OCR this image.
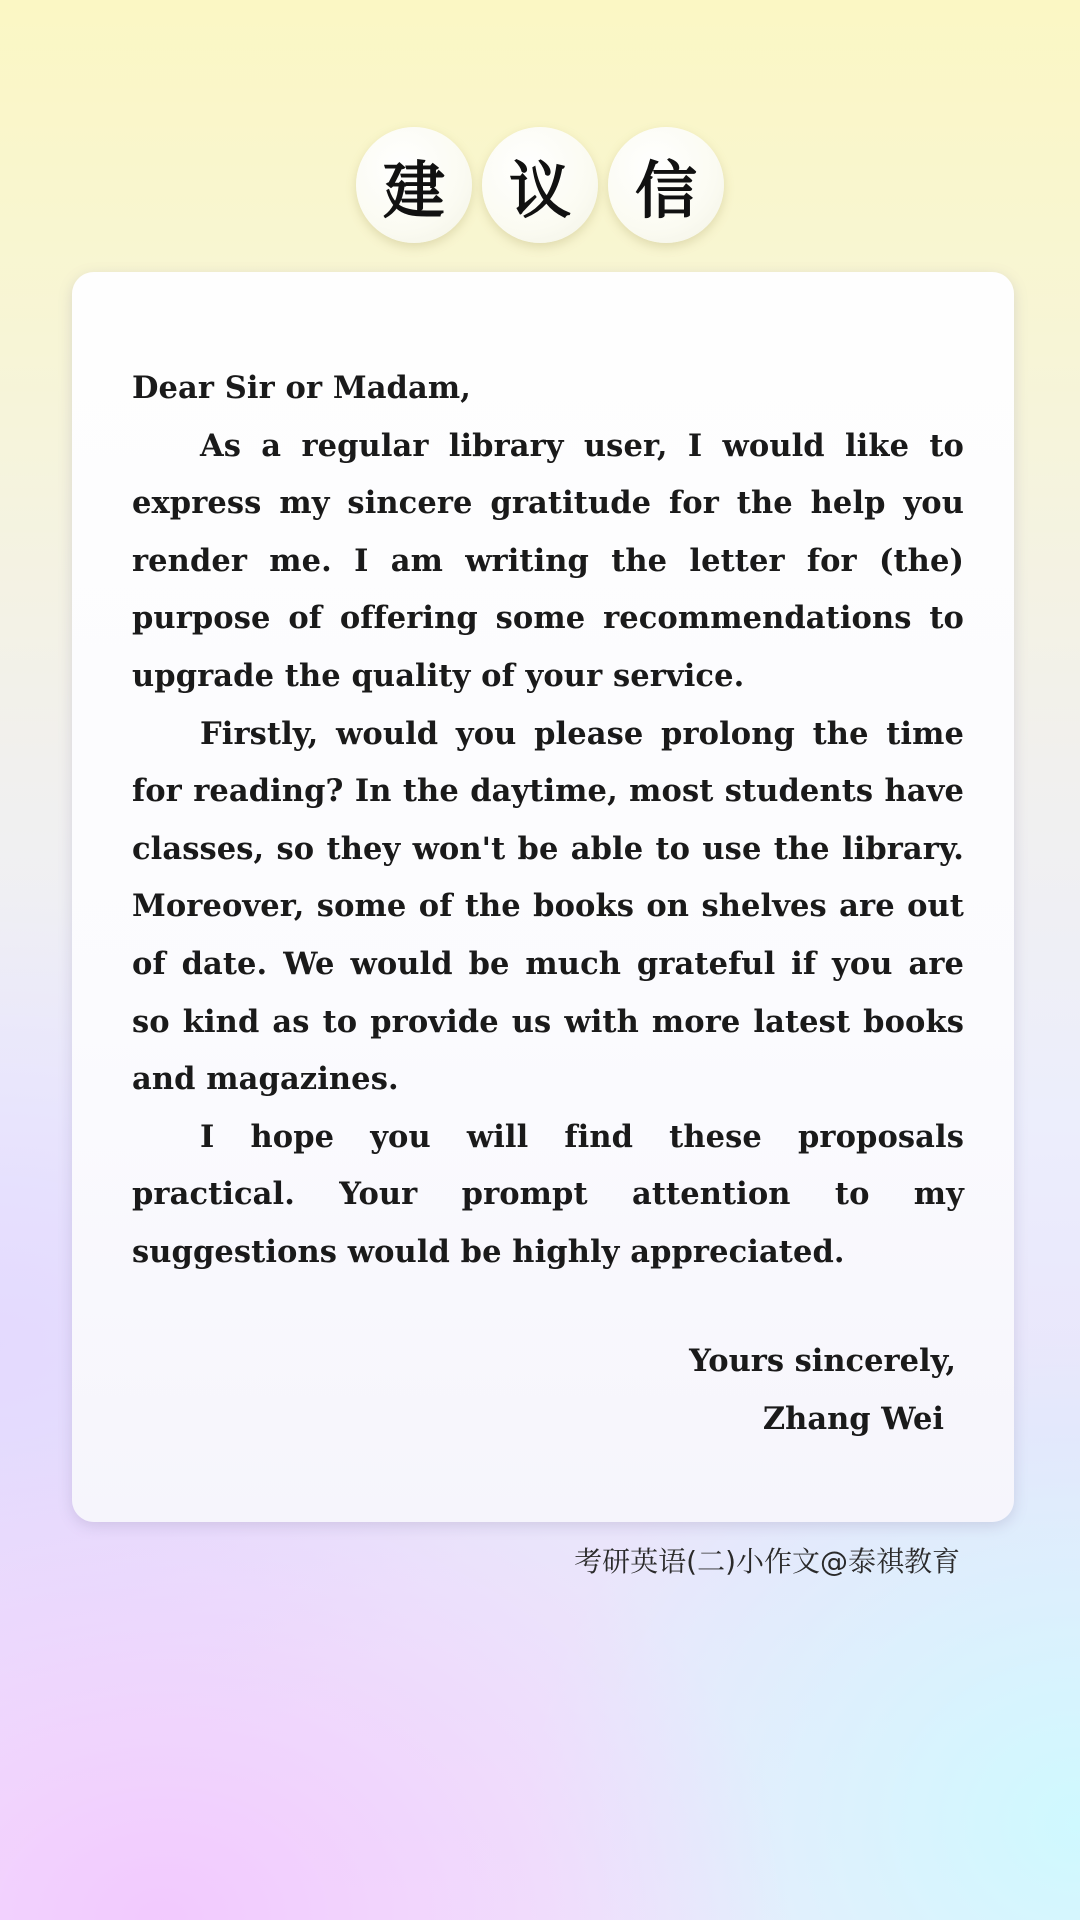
建	议	信

Dear Sir or Madam,

As a regular library user, I would like to express my sincere gratitude for the help you render me. I am writing the letter for (the) purpose of offering some recommendations to upgrade the quality of your service.

Firstly, would you please prolong the time for reading? In the daytime, most students have classes, so they won't be able to use the library. Moreover, some of the books on shelves are out of date. We would be much grateful if you are so kind as to provide us with more latest books and magazines.

I hope you will find these proposals practical. Your prompt attention to my suggestions would be highly appreciated.

Yours sincerely,
Zhang Wei
考研英语(二)小作文@泰祺教育
